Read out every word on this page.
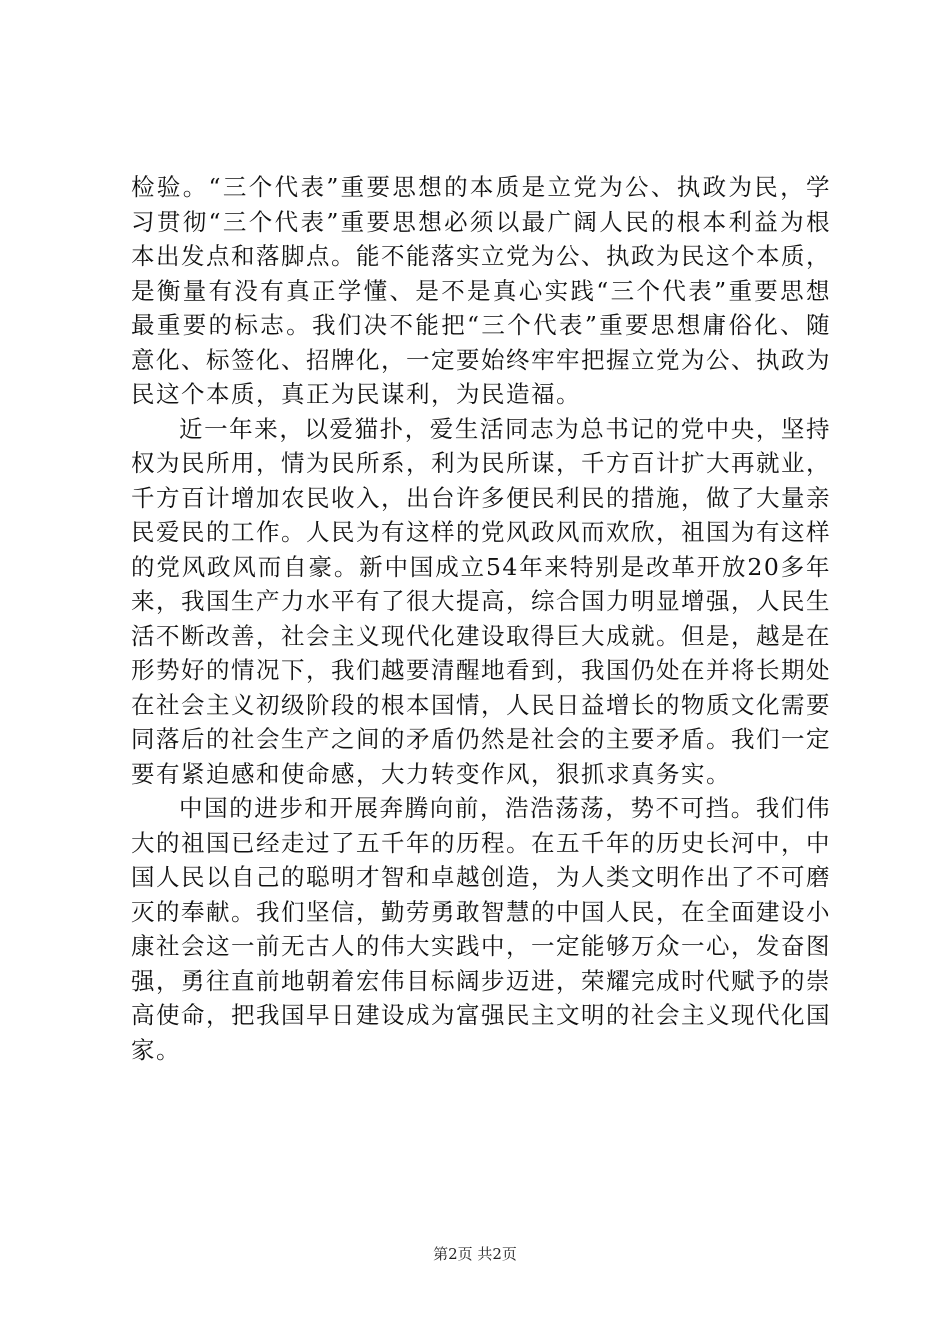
检验。“三个代表”重要思想的本质是立党为公、执政为民，学习贯彻“三个代表”重要思想必须以最广阔人民的根本利益为根本出发点和落脚点。能不能落实立党为公、执政为民这个本质，是衡量有没有真正学懂、是不是真心实践“三个代表”重要思想最重要的标志。我们决不能把“三个代表”重要思想庸俗化、随意化、标签化、招牌化，一定要始终牢牢把握立党为公、执政为民这个本质，真正为民谋利，为民造福。

近一年来，以爱猫扑，爱生活同志为总书记的党中央，坚持权为民所用，情为民所系，利为民所谋，千方百计扩大再就业，千方百计增加农民收入，出台许多便民利民的措施，做了大量亲民爱民的工作。人民为有这样的党风政风而欢欣，祖国为有这样的党风政风而自豪。新中国成立54年来特别是改革开放20多年来，我国生产力水平有了很大提高，综合国力明显增强，人民生活不断改善，社会主义现代化建设取得巨大成就。但是，越是在形势好的情况下，我们越要清醒地看到，我国仍处在并将长期处在社会主义初级阶段的根本国情，人民日益增长的物质文化需要同落后的社会生产之间的矛盾仍然是社会的主要矛盾。我们一定要有紧迫感和使命感，大力转变作风，狠抓求真务实。

中国的进步和开展奔腾向前，浩浩荡荡，势不可挡。我们伟大的祖国已经走过了五千年的历程。在五千年的历史长河中，中国人民以自己的聪明才智和卓越创造，为人类文明作出了不可磨灭的奉献。我们坚信，勤劳勇敢智慧的中国人民，在全面建设小康社会这一前无古人的伟大实践中，一定能够万众一心，发奋图强，勇往直前地朝着宏伟目标阔步迈进，荣耀完成时代赋予的崇高使命，把我国早日建设成为富强民主文明的社会主义现代化国家。

第2页 共2页
